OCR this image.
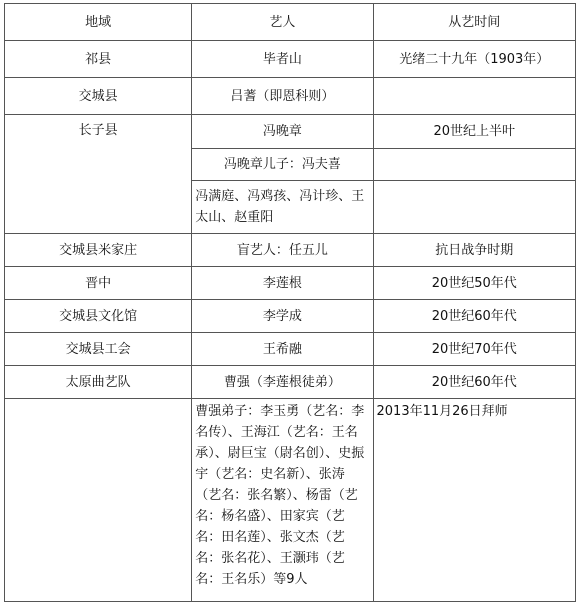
地域	艺人	从艺时间
祁县	毕者山	光绪二十九年（1903年）
交城县	吕蓍（即恩科则）	
长子县	冯晚章	20世纪上半叶
	冯晚章儿子：冯夫喜	
	冯满庭、冯鸡孩、冯计珍、王太山、赵重阳	
交城县米家庄	盲艺人：任五儿	抗日战争时期
晋中	李莲根	20世纪50年代
交城县文化馆	李学成	20世纪60年代
交城县工会	王希融	20世纪70年代
太原曲艺队	曹强（李莲根徒弟）	20世纪60年代
	曹强弟子：李玉勇（艺名：李名传）、王海江（艺名：王名承）、尉巨宝（尉名创）、史振宇（艺名：史名新）、张涛（艺名：张名繁）、杨雷（艺名：杨名盛）、田家宾（艺名：田名莲）、张文杰（艺名：张名花）、王灏玮（艺名：王名乐）等9人	2013年11月26日拜师
